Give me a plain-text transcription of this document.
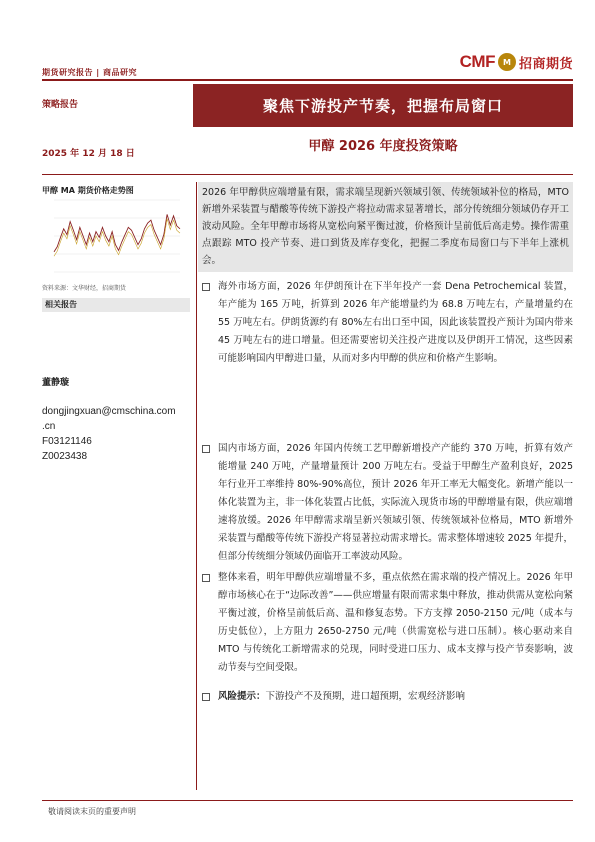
期货研究报告 | 商品研究
CMF M 招商期货
策略报告	聚焦下游投产节奏，把握布局窗口
2025 年 12 月 18 日	甲醇 2026 年度投资策略
甲醇 MA 期货价格走势图
资料来源：文华财经，招商期货
相关报告
董静璇
dongjingxuan@cmschina.com
.cn
F03121146
Z0023438
2026 年甲醇供应端增量有限，需求端呈现新兴领域引领、传统领域补位的格局，MTO 新增外采装置与醋酸等传统下游投产将拉动需求显著增长，部分传统细分领域仍存开工波动风险。全年甲醇市场将从宽松向紧平衡过渡，价格预计呈前低后高走势。操作需重点跟踪 MTO 投产节奏、进口到货及库存变化，把握二季度布局窗口与下半年上涨机会。
海外市场方面，2026 年伊朗预计在下半年投产一套 Dena Petrochemical 装置，年产能为 165 万吨，折算到 2026 年产能增量约为 68.8 万吨左右，产量增量约在 55 万吨左右。伊朗货源约有 80%左右出口至中国，因此该装置投产预计为国内带来 45 万吨左右的进口增量。但还需要密切关注投产进度以及伊朗开工情况，这些因素可能影响国内甲醇进口量，从而对多内甲醇的供应和价格产生影响。
国内市场方面，2026 年国内传统工艺甲醇新增投产产能约 370 万吨，折算有效产能增量 240 万吨，产量增量预计 200 万吨左右。受益于甲醇生产盈利良好，2025 年行业开工率维持 80%-90%高位，预计 2026 年开工率无大幅变化。新增产能以一体化装置为主，非一体化装置占比低，实际流入现货市场的甲醇增量有限，供应端增速将放缓。2026 年甲醇需求端呈新兴领域引领、传统领域补位格局，MTO 新增外采装置与醋酸等传统下游投产将显著拉动需求增长。需求整体增速较 2025 年提升，但部分传统细分领域仍面临开工率波动风险。
整体来看，明年甲醇供应端增量不多，重点依然在需求端的投产情况上。2026 年甲醇市场核心在于“边际改善”——供应增量有限而需求集中释放，推动供需从宽松向紧平衡过渡，价格呈前低后高、温和修复态势。下方支撑 2050-2150 元/吨（成本与历史低位），上方阻力 2650-2750 元/吨（供需宽松与进口压制）。核心驱动来自 MTO 与传统化工新增需求的兑现，同时受进口压力、成本支撑与投产节奏影响，波动节奏与空间受限。
风险提示：下游投产不及预期，进口超预期，宏观经济影响
敬请阅读末页的重要声明
